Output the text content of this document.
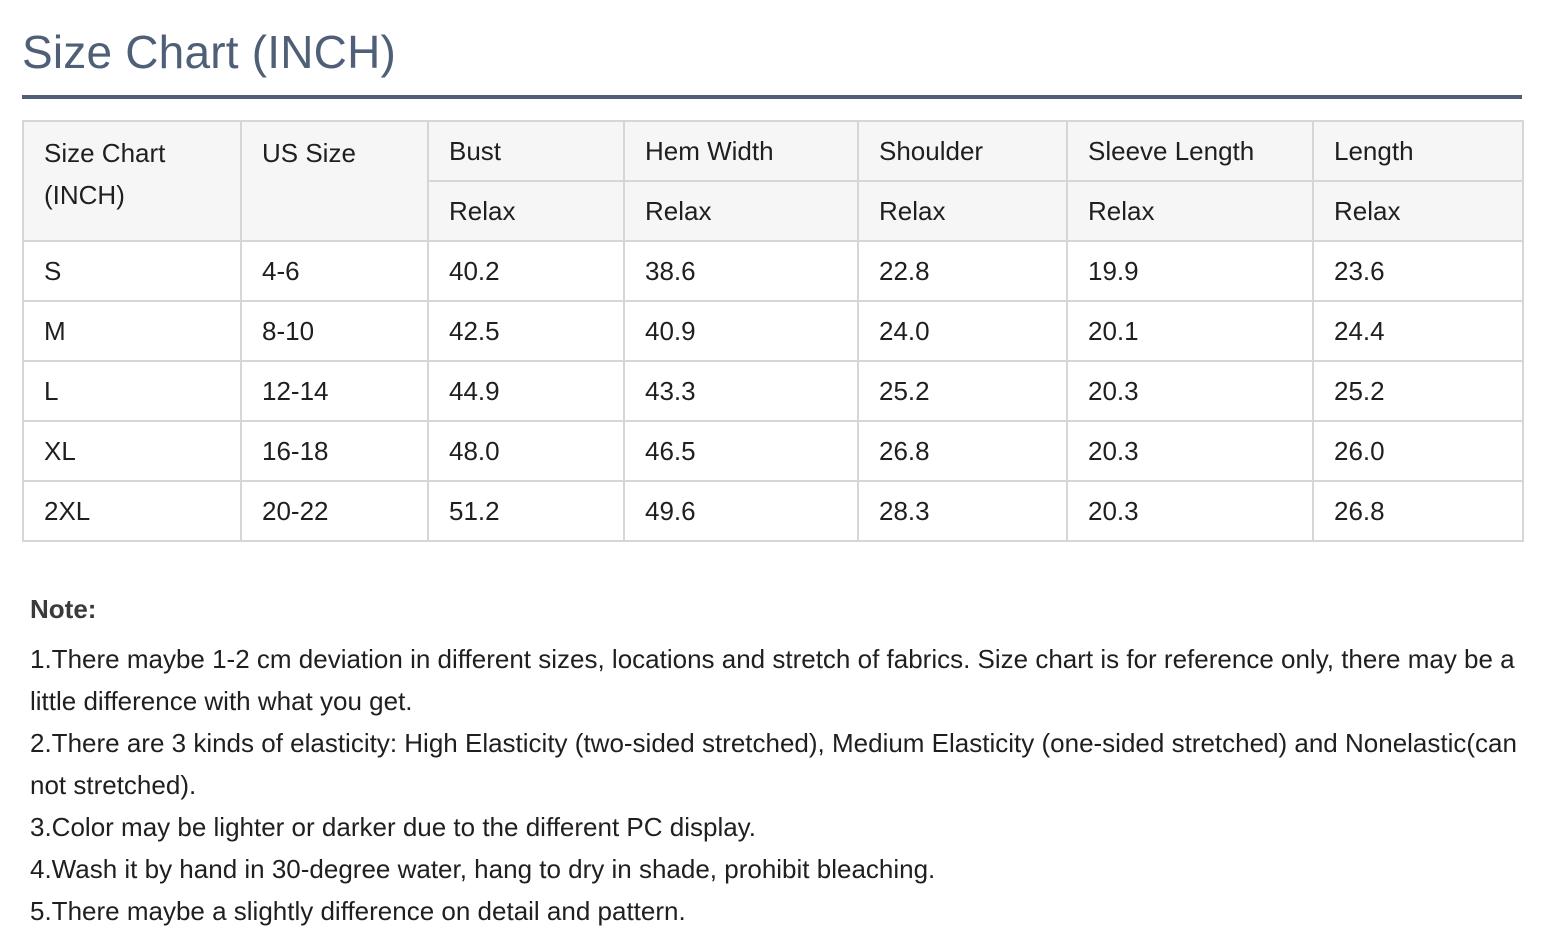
Size Chart (INCH)
Size Chart (INCH)	US Size	Bust	Hem Width	Shoulder	Sleeve Length	Length
		Relax	Relax	Relax	Relax	Relax
S	4-6	40.2	38.6	22.8	19.9	23.6
M	8-10	42.5	40.9	24.0	20.1	24.4
L	12-14	44.9	43.3	25.2	20.3	25.2
XL	16-18	48.0	46.5	26.8	20.3	26.0
2XL	20-22	51.2	49.6	28.3	20.3	26.8
Note:

1.There maybe 1-2 cm deviation in different sizes, locations and stretch of fabrics. Size chart is for reference only, there may be a little difference with what you get.

2.There are 3 kinds of elasticity: High Elasticity (two-sided stretched), Medium Elasticity (one-sided stretched) and Nonelastic(can not stretched).

3.Color may be lighter or darker due to the different PC display.

4.Wash it by hand in 30-degree water, hang to dry in shade, prohibit bleaching.

5.There maybe a slightly difference on detail and pattern.
